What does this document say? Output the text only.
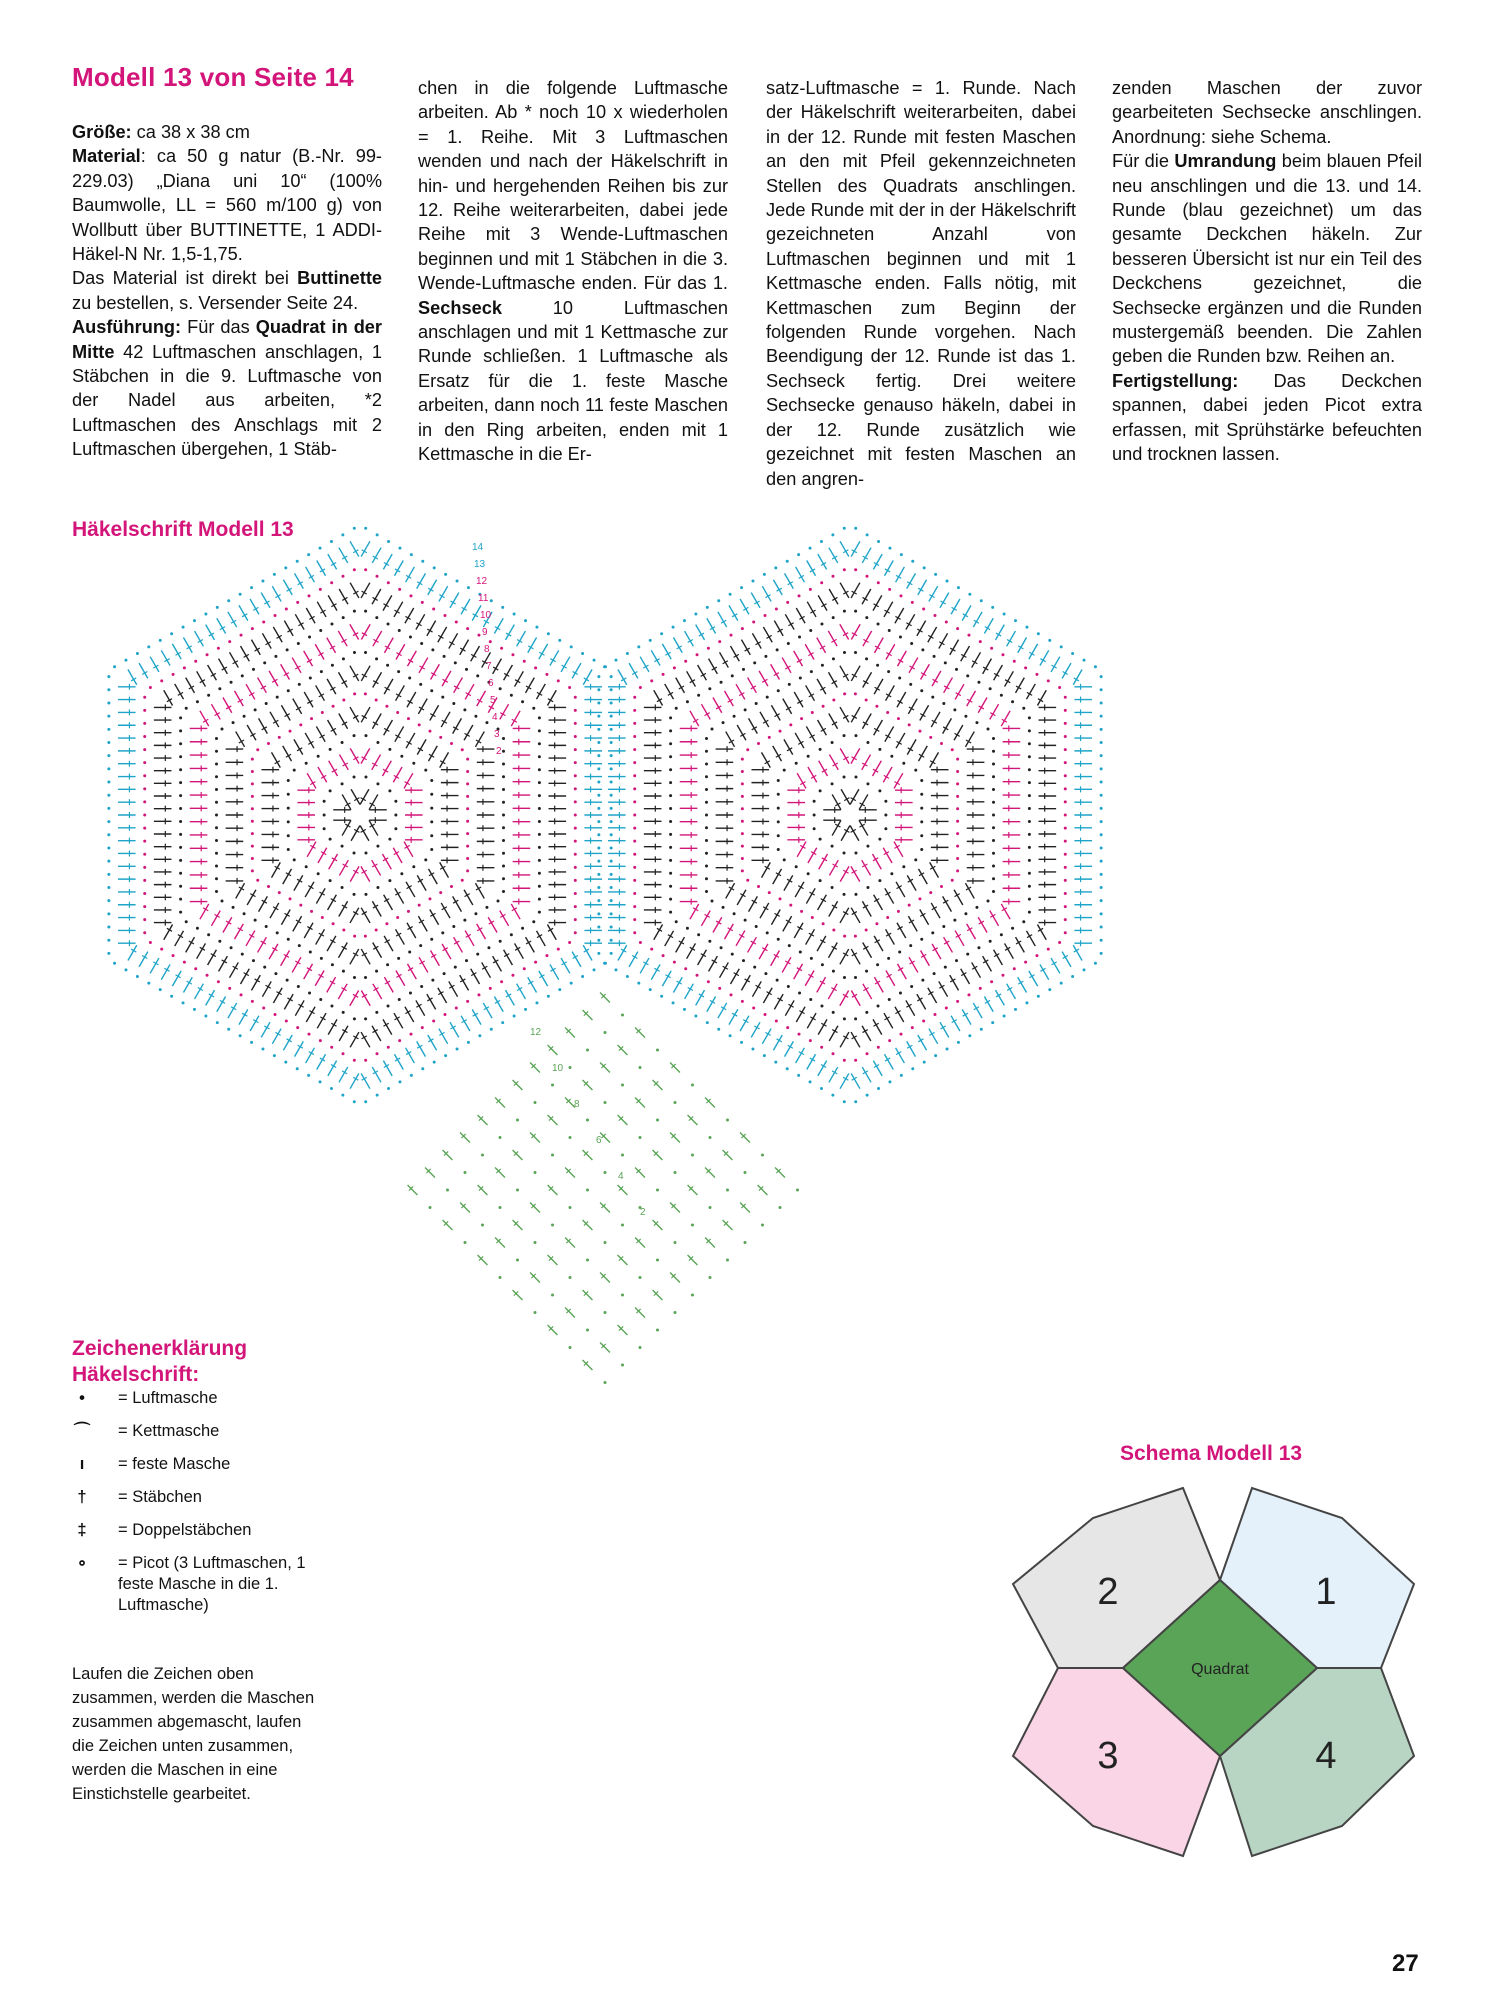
Modell 13 von Seite 14

Größe: ca 38 x 38 cm

Material: ca 50 g natur (B.-Nr. 99-229.03) „Diana uni 10“ (100% Baumwolle, LL = 560 m/100 g) von Wollbutt über BUTTINETTE, 1 ADDI-Häkel-N Nr. 1,5-1,75.

Das Material ist direkt bei Buttinette zu bestellen, s. Versender Seite 24.

Ausführung: Für das Quadrat in der Mitte 42 Luftmaschen anschlagen, 1 Stäbchen in die 9. Luftmasche von der Nadel aus arbeiten, *2 Luftmaschen des Anschlags mit 2 Luftmaschen übergehen, 1 Stäb-

chen in die folgende Luftmasche arbeiten. Ab * noch 10 x wiederholen = 1. Reihe. Mit 3 Luftmaschen wenden und nach der Häkelschrift in hin- und hergehenden Reihen bis zur 12. Reihe weiterarbeiten, dabei jede Reihe mit 3 Wende-Luftmaschen beginnen und mit 1 Stäbchen in die 3. Wende-Luftmasche enden. Für das 1. Sechseck 10 Luftmaschen anschlagen und mit 1 Kettmasche zur Runde schließen. 1 Luftmasche als Ersatz für die 1. feste Masche arbeiten, dann noch 11 feste Maschen in den Ring arbeiten, enden mit 1 Kettmasche in die Er-

satz-Luftmasche = 1. Runde. Nach der Häkelschrift weiterarbeiten, dabei in der 12. Runde mit festen Maschen an den mit Pfeil gekennzeichneten Stellen des Quadrats anschlingen. Jede Runde mit der in der Häkelschrift gezeichneten Anzahl von Luftmaschen beginnen und mit 1 Kettmasche enden. Falls nötig, mit Kettmaschen zum Beginn der folgenden Runde vorgehen. Nach Beendigung der 12. Runde ist das 1. Sechseck fertig. Drei weitere Sechsecke genauso häkeln, dabei in der 12. Runde zusätzlich wie gezeichnet mit festen Maschen an den angren-

zenden Maschen der zuvor gearbeiteten Sechsecke anschlingen. Anordnung: siehe Schema.

Für die Umrandung beim blauen Pfeil neu anschlingen und die 13. und 14. Runde (blau gezeichnet) um das gesamte Deckchen häkeln. Zur besseren Übersicht ist nur ein Teil des Deckchens gezeichnet, die Sechsecke ergänzen und die Runden mustergemäß beenden. Die Zahlen geben die Runden bzw. Reihen an.

Fertigstellung: Das Deckchen spannen, dabei jeden Picot extra erfassen, mit Sprühstärke befeuchten und trocknen lassen.

Häkelschrift Modell 13
14
13
12
11
10
9
8
7
6
5
4
3
2
12
10
8
6
4
2
Zeichenerklärung
Häkelschrift:
•	= Luftmasche
⌒ = Kettmasche
ı	= feste Masche
†	= Stäbchen
‡	= Doppelstäbchen
∘ = Picot (3 Luftmaschen, 1 feste Masche in die 1. Luftmasche)
Laufen die Zeichen oben zusammen, werden die Maschen zusammen abgemascht, laufen die Zeichen unten zusammen, werden die Maschen in eine Einstichstelle gearbeitet.
Schema Modell 13
2	1
3	4
Quadrat
27
